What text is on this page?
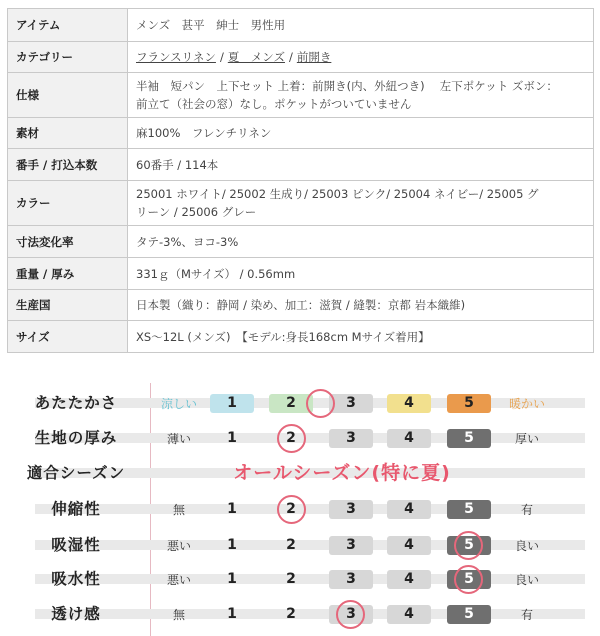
アイテム	メンズ　甚平　紳士　男性用
カテゴリー	フランスリネン / 夏　メンズ / 前開き
仕様	半袖　短パン　上下セット 上着：前開き(内、外紐つき)　 左下ポケット ズボン：
前立て（社会の窓）なし。ポケットがついていません

素材	麻100%　フレンチリネン
番手 / 打込本数	60番手 / 114本
カラー	25001 ホワイト/ 25002 生成り/ 25003 ピンク/ 25004 ネイビー/ 25005 グ
リーン / 25006 グレー

寸法変化率	タテ-3%、ヨコ-3%
重量 / 厚み	331ｇ（Mサイズ） / 0.56mm
生産国	日本製（織り：静岡 / 染め、加工：滋賀 / 縫製：京都 岩本織維)
サイズ	XS～12L (メンズ)　【モデル:身長168cm Mサイズ着用】
あたたかさ	涼しい	暖かい
1	2	3	4	5
生地の厚み	薄い	厚い
1	2	3	4	5
適合シーズン	オールシーズン(特に夏)
伸縮性	無	有
1	2	3	4	5
吸湿性	悪い	良い
1	2	3	4	5
吸水性	悪い	良い
1	2	3	4	5
透け感	無	有
1	2	3	4	5
